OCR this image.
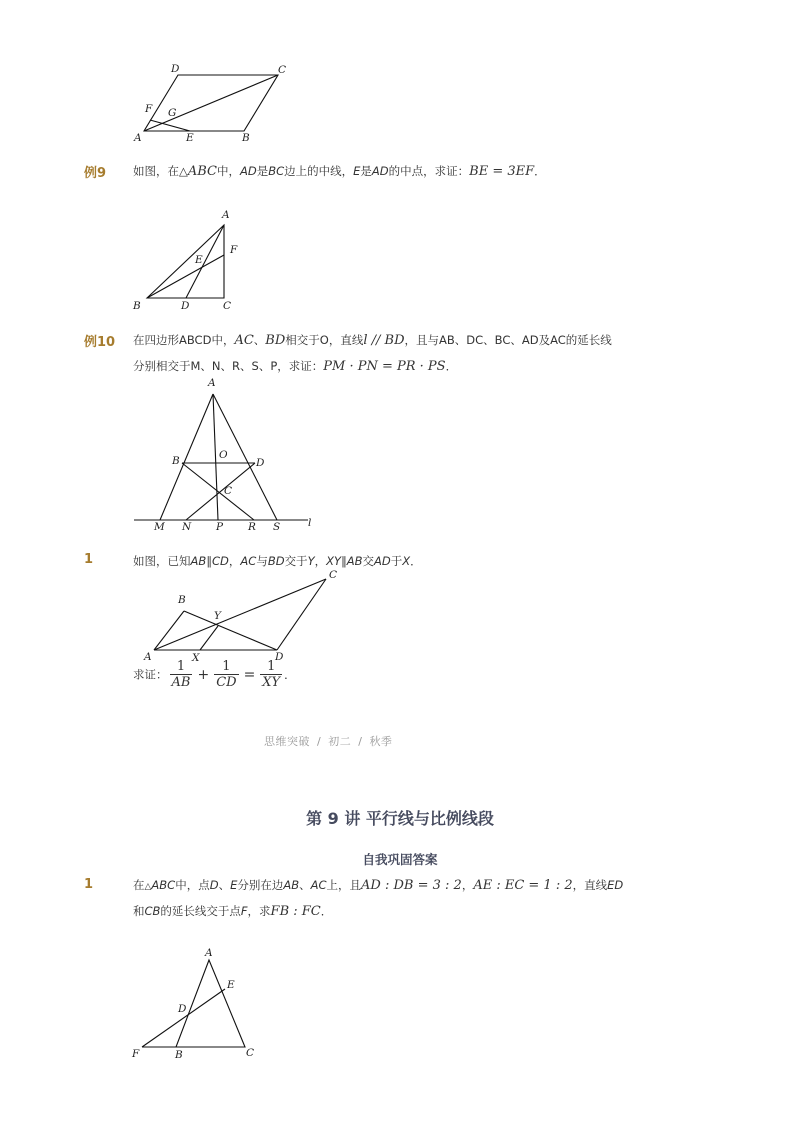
D	C
F G
A	E	B
例9 如图，在△ABC中，AD是BC边上的中线，E是AD的中点，求证：BE = 3EF．
A
F
E
B	D	C
例10 在四边形ABCD中，AC、BD相交于O，直线l // BD，且与AB、DC、BC、AD及AC的延长线
分别相交于M、N、R、S、P，求证：PM · PN = PR · PS．
A
B	O
D
C
M N P R S	l
1	如图，已知AB∥CD，AC与BD交于Y，XY∥AB交AD于X．
C
B
Y
A	X	D
求证： $\frac{1}{AB} + \frac{1}{CD} = \frac{1}{XY}$ ．
思维突破 / 初二 / 秋季
第 9 讲 平行线与比例线段
自我巩固答案
1	在△ABC中，点D、E分别在边AB、AC上，且AD : DB = 3 : 2，AE : EC = 1 : 2，直线ED
和CB的延长线交于点F，求FB : FC．
A
E
D
F	B	C
